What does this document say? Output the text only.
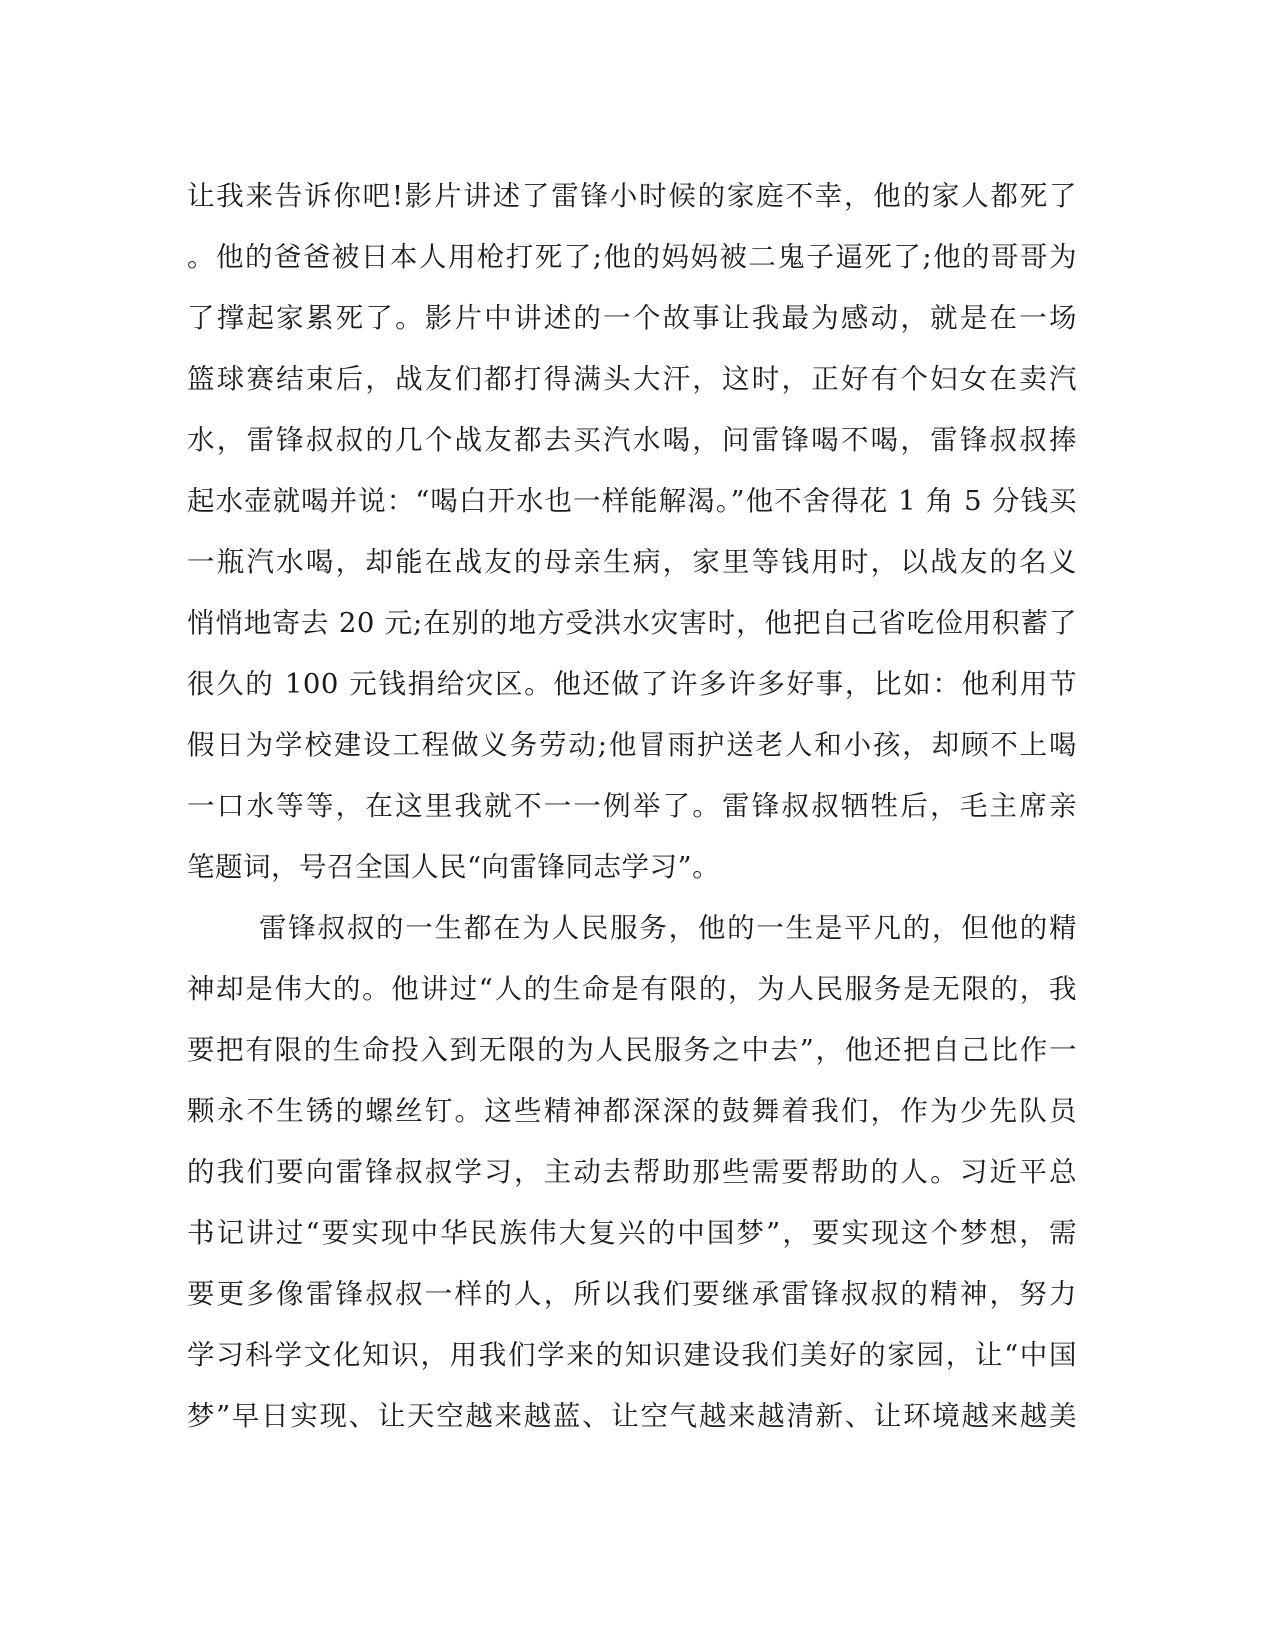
让我来告诉你吧!影片讲述了雷锋小时候的家庭不幸，他的家人都死了
。他的爸爸被日本人用枪打死了;他的妈妈被二鬼子逼死了;他的哥哥为
了撑起家累死了。影片中讲述的一个故事让我最为感动，就是在一场
篮球赛结束后，战友们都打得满头大汗，这时，正好有个妇女在卖汽
水，雷锋叔叔的几个战友都去买汽水喝，问雷锋喝不喝，雷锋叔叔捧
起水壶就喝并说：“喝白开水也一样能解渴。”他不舍得花 1 角 5 分钱买
一瓶汽水喝，却能在战友的母亲生病，家里等钱用时，以战友的名义
悄悄地寄去 20 元;在别的地方受洪水灾害时，他把自己省吃俭用积蓄了
很久的 100 元钱捐给灾区。他还做了许多许多好事，比如：他利用节
假日为学校建设工程做义务劳动;他冒雨护送老人和小孩，却顾不上喝
一口水等等，在这里我就不一一例举了。雷锋叔叔牺牲后，毛主席亲
笔题词，号召全国人民“向雷锋同志学习”。
雷锋叔叔的一生都在为人民服务，他的一生是平凡的，但他的精
神却是伟大的。他讲过“人的生命是有限的，为人民服务是无限的，我
要把有限的生命投入到无限的为人民服务之中去”，他还把自己比作一
颗永不生锈的螺丝钉。这些精神都深深的鼓舞着我们，作为少先队员
的我们要向雷锋叔叔学习，主动去帮助那些需要帮助的人。习近平总
书记讲过“要实现中华民族伟大复兴的中国梦”，要实现这个梦想，需
要更多像雷锋叔叔一样的人，所以我们要继承雷锋叔叔的精神，努力
学习科学文化知识，用我们学来的知识建设我们美好的家园，让“中国
梦”早日实现、让天空越来越蓝、让空气越来越清新、让环境越来越美
